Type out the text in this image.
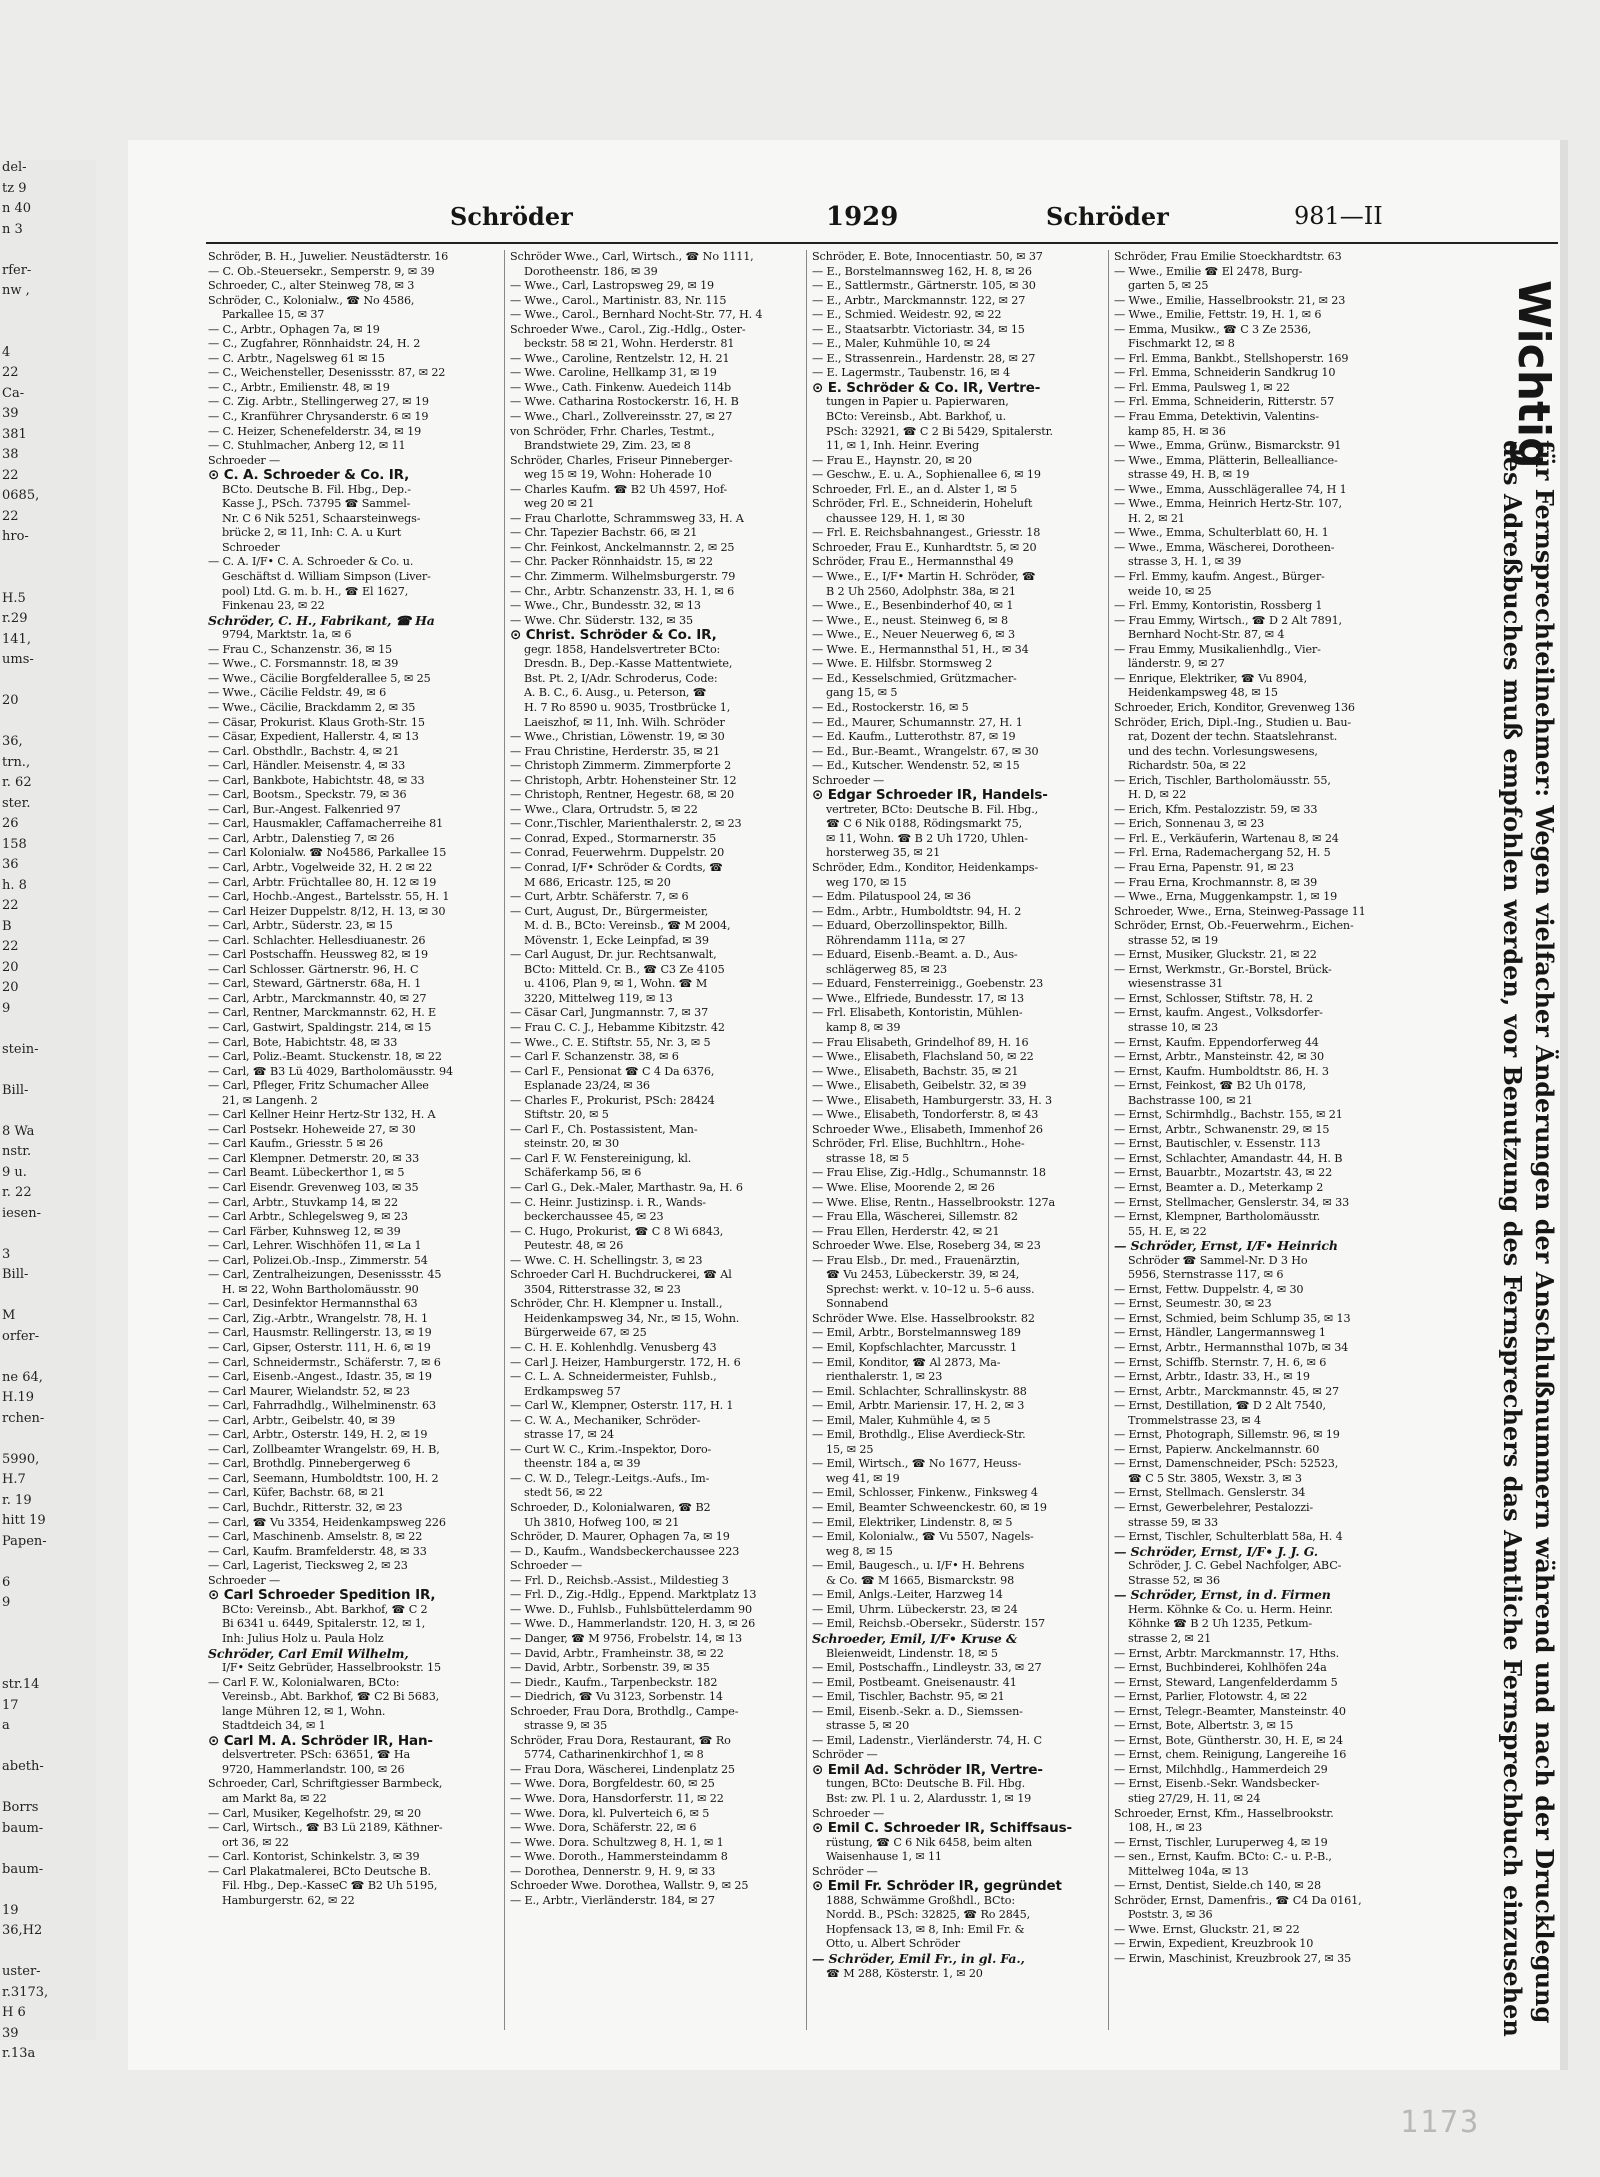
del-
tz 9
n 40
n 3
rfer-
nw ,
4
22
Ca-
39
381
38
22
0685,
22
hro-
H.5
r.29
141,
ums-
20
36,
trn.,
r. 62
ster.
26
158
36
h. 8
22
B
22
20
20
9
stein-
Bill-
8 Wa
nstr.
9 u.
r. 22
iesen-
3
Bill-
M
orfer-
ne 64,
H.19
rchen-
5990,
H.7
r. 19
hitt 19
Papen-
6
9
str.14
17
a
abeth-
Borrs
baum-
baum-
19
36,H2
uster-
r.3173,
H 6
39
r.13a
Schröder	1929	Schröder	981—II
Schröder, B. H., Juwelier. Neustädterstr. 16
— C. Ob.-Steuersekr., Semperstr. 9, ✉ 39
Schroeder, C., alter Steinweg 78, ✉ 3
Schröder, C., Kolonialw., ☎ No 4586,
Parkallee 15, ✉ 37
— C., Arbtr., Ophagen 7a, ✉ 19
— C., Zugfahrer, Rönnhaidstr. 24, H. 2
— C. Arbtr., Nagelsweg 61 ✉ 15
— C., Weichensteller, Desenissstr. 87, ✉ 22
— C., Arbtr., Emilienstr. 48, ✉ 19
— C. Zig. Arbtr., Stellingerweg 27, ✉ 19
— C., Kranführer Chrysanderstr. 6 ✉ 19
— C. Heizer, Schenefelderstr. 34, ✉ 19
— C. Stuhlmacher, Anberg 12, ✉ 11
Schroeder —
⊙ C. A. Schroeder & Co. IR,
BCto. Deutsche B. Fil. Hbg., Dep.-
Kasse J., PSch. 73795 ☎ Sammel-
Nr. C 6 Nik 5251, Schaarsteinwegs-
brücke 2, ✉ 11, Inh: C. A. u Kurt
Schroeder
— C. A. I/F• C. A. Schroeder & Co. u.
Geschäftst d. William Simpson (Liver-
pool) Ltd. G. m. b. H., ☎ El 1627,
Finkenau 23, ✉ 22
Schröder, C. H., Fabrikant, ☎ Ha
9794, Marktstr. 1a, ✉ 6
— Frau C., Schanzenstr. 36, ✉ 15
— Wwe., C. Forsmannstr. 18, ✉ 39
— Wwe., Cäcilie Borgfelderallee 5, ✉ 25
— Wwe., Cäcilie Feldstr. 49, ✉ 6
— Wwe., Cäcilie, Brackdamm 2, ✉ 35
— Cäsar, Prokurist. Klaus Groth-Str. 15
— Cäsar, Expedient, Hallerstr. 4, ✉ 13
— Carl. Obsthdlr., Bachstr. 4, ✉ 21
— Carl, Händler. Meisenstr. 4, ✉ 33
— Carl, Bankbote, Habichtstr. 48, ✉ 33
— Carl, Bootsm., Speckstr. 79, ✉ 36
— Carl, Bur.-Angest. Falkenried 97
— Carl, Hausmakler, Caffamacherreihe 81
— Carl, Arbtr., Dalenstieg 7, ✉ 26
— Carl Kolonialw. ☎ No4586, Parkallee 15
— Carl, Arbtr., Vogelweide 32, H. 2 ✉ 22
— Carl, Arbtr. Früchtallee 80, H. 12 ✉ 19
— Carl, Hochb.-Angest., Bartelsstr. 55, H. 1
— Carl Heizer Duppelstr. 8/12, H. 13, ✉ 30
— Carl, Arbtr., Süderstr. 23, ✉ 15
— Carl. Schlachter. Hellesdiuanestr. 26
— Carl Postschaffn. Heussweg 82, ✉ 19
— Carl Schlosser. Gärtnerstr. 96, H. C
— Carl, Steward, Gärtnerstr. 68a, H. 1
— Carl, Arbtr., Marckmannstr. 40, ✉ 27
— Carl, Rentner, Marckmannstr. 62, H. E
— Carl, Gastwirt, Spaldingstr. 214, ✉ 15
— Carl, Bote, Habichtstr. 48, ✉ 33
— Carl, Poliz.-Beamt. Stuckenstr. 18, ✉ 22
— Carl, ☎ B3 Lü 4029, Bartholomäusstr. 94
— Carl, Pfleger, Fritz Schumacher Allee
21, ✉ Langenh. 2
— Carl Kellner Heinr Hertz-Str 132, H. A
— Carl Postsekr. Hoheweide 27, ✉ 30
— Carl Kaufm., Griesstr. 5 ✉ 26
— Carl Klempner. Detmerstr. 20, ✉ 33
— Carl Beamt. Lübeckerthor 1, ✉ 5
— Carl Eisendr. Grevenweg 103, ✉ 35
— Carl, Arbtr., Stuvkamp 14, ✉ 22
— Carl Arbtr., Schlegelsweg 9, ✉ 23
— Carl Färber, Kuhnsweg 12, ✉ 39
— Carl, Lehrer. Wischhöfen 11, ✉ La 1
— Carl, Polizei.Ob.-Insp., Zimmerstr. 54
— Carl, Zentralheizungen, Desenissstr. 45
H. ✉ 22, Wohn Bartholomäusstr. 90
— Carl, Desinfektor Hermannsthal 63
— Carl, Zig.-Arbtr., Wrangelstr. 78, H. 1
— Carl, Hausmstr. Rellingerstr. 13, ✉ 19
— Carl, Gipser, Osterstr. 111, H. 6, ✉ 19
— Carl, Schneidermstr., Schäferstr. 7, ✉ 6
— Carl, Eisenb.-Angest., Idastr. 35, ✉ 19
— Carl Maurer, Wielandstr. 52, ✉ 23
— Carl, Fahrradhdlg., Wilhelminenstr. 63
— Carl, Arbtr., Geibelstr. 40, ✉ 39
— Carl, Arbtr., Osterstr. 149, H. 2, ✉ 19
— Carl, Zollbeamter Wrangelstr. 69, H. B,
— Carl, Brothdlg. Pinnebergerweg 6
— Carl, Seemann, Humboldtstr. 100, H. 2
— Carl, Küfer, Bachstr. 68, ✉ 21
— Carl, Buchdr., Ritterstr. 32, ✉ 23
— Carl, ☎ Vu 3354, Heidenkampsweg 226
— Carl, Maschinenb. Amselstr. 8, ✉ 22
— Carl, Kaufm. Bramfelderstr. 48, ✉ 33
— Carl, Lagerist, Tiecksweg 2, ✉ 23
Schroeder —
⊙ Carl Schroeder Spedition IR,
BCto: Vereinsb., Abt. Barkhof, ☎ C 2
Bi 6341 u. 6449, Spitalerstr. 12, ✉ 1,
Inh: Julius Holz u. Paula Holz
Schröder, Carl Emil Wilhelm,
I/F• Seitz Gebrüder, Hasselbrookstr. 15
— Carl F. W., Kolonialwaren, BCto:
Vereinsb., Abt. Barkhof, ☎ C2 Bi 5683,
lange Mühren 12, ✉ 1, Wohn.
Stadtdeich 34, ✉ 1
⊙ Carl M. A. Schröder IR, Han-
delsvertreter. PSch: 63651, ☎ Ha
9720, Hammerlandstr. 100, ✉ 26
Schroeder, Carl, Schriftgiesser Barmbeck,
am Markt 8a, ✉ 22
— Carl, Musiker, Kegelhofstr. 29, ✉ 20
— Carl, Wirtsch., ☎ B3 Lü 2189, Käthner-
ort 36, ✉ 22
— Carl. Kontorist, Schinkelstr. 3, ✉ 39
— Carl Plakatmalerei, BCto Deutsche B.
Fil. Hbg., Dep.-KasseC ☎ B2 Uh 5195,
Hamburgerstr. 62, ✉ 22
Schröder Wwe., Carl, Wirtsch., ☎ No 1111,
Dorotheenstr. 186, ✉ 39
— Wwe., Carl, Lastropsweg 29, ✉ 19
— Wwe., Carol., Martinistr. 83, Nr. 115
— Wwe., Carol., Bernhard Nocht-Str. 77, H. 4
Schroeder Wwe., Carol., Zig.-Hdlg., Oster-
beckstr. 58 ✉ 21, Wohn. Herderstr. 81
— Wwe., Caroline, Rentzelstr. 12, H. 21
— Wwe. Caroline, Hellkamp 31, ✉ 19
— Wwe., Cath. Finkenw. Auedeich 114b
— Wwe. Catharina Rostockerstr. 16, H. B
— Wwe., Charl., Zollvereinsstr. 27, ✉ 27
von Schröder, Frhr. Charles, Testmt.,
Brandstwiete 29, Zim. 23, ✉ 8
Schröder, Charles, Friseur Pinneberger-
weg 15 ✉ 19, Wohn: Hoherade 10
— Charles Kaufm. ☎ B2 Uh 4597, Hof-
weg 20 ✉ 21
— Frau Charlotte, Schrammsweg 33, H. A
— Chr. Tapezier Bachstr. 66, ✉ 21
— Chr. Feinkost, Anckelmannstr. 2, ✉ 25
— Chr. Packer Rönnhaidstr. 15, ✉ 22
— Chr. Zimmerm. Wilhelmsburgerstr. 79
— Chr., Arbtr. Schanzenstr. 33, H. 1, ✉ 6
— Wwe., Chr., Bundesstr. 32, ✉ 13
— Wwe. Chr. Süderstr. 132, ✉ 35
⊙ Christ. Schröder & Co. IR,
gegr. 1858, Handelsvertreter BCto:
Dresdn. B., Dep.-Kasse Mattentwiete,
Bst. Pt. 2, I/Adr. Schroderus, Code:
A. B. C., 6. Ausg., u. Peterson, ☎
H. 7 Ro 8590 u. 9035, Trostbrücke 1,
Laeiszhof, ✉ 11, Inh. Wilh. Schröder
— Wwe., Christian, Löwenstr. 19, ✉ 30
— Frau Christine, Herderstr. 35, ✉ 21
— Christoph Zimmerm. Zimmerpforte 2
— Christoph, Arbtr. Hohensteiner Str. 12
— Christoph, Rentner, Hegestr. 68, ✉ 20
— Wwe., Clara, Ortrudstr. 5, ✉ 22
— Conr.,Tischler, Marienthalerstr. 2, ✉ 23
— Conrad, Exped., Stormarnerstr. 35
— Conrad, Feuerwehrm. Duppelstr. 20
— Conrad, I/F• Schröder & Cordts, ☎
M 686, Ericastr. 125, ✉ 20
— Curt, Arbtr. Schäferstr. 7, ✉ 6
— Curt, August, Dr., Bürgermeister,
M. d. B., BCto: Vereinsb., ☎ M 2004,
Mövenstr. 1, Ecke Leinpfad, ✉ 39
— Carl August, Dr. jur. Rechtsanwalt,
BCto: Mitteld. Cr. B., ☎ C3 Ze 4105
u. 4106, Plan 9, ✉ 1, Wohn. ☎ M
3220, Mittelweg 119, ✉ 13
— Cäsar Carl, Jungmannstr. 7, ✉ 37
— Frau C. C. J., Hebamme Kibitzstr. 42
— Wwe., C. E. Stiftstr. 55, Nr. 3, ✉ 5
— Carl F. Schanzenstr. 38, ✉ 6
— Carl F., Pensionat ☎ C 4 Da 6376,
Esplanade 23/24, ✉ 36
— Charles F., Prokurist, PSch: 28424
Stiftstr. 20, ✉ 5
— Carl F., Ch. Postassistent, Man-
steinstr. 20, ✉ 30
— Carl F. W. Fenstereinigung, kl.
Schäferkamp 56, ✉ 6
— Carl G., Dek.-Maler, Marthastr. 9a, H. 6
— C. Heinr. Justizinsp. i. R., Wands-
beckerchaussee 45, ✉ 23
— C. Hugo, Prokurist, ☎ C 8 Wi 6843,
Peutestr. 48, ✉ 26
— Wwe. C. H. Schellingstr. 3, ✉ 23
Schroeder Carl H. Buchdruckerei, ☎ Al
3504, Ritterstrasse 32, ✉ 23
Schröder, Chr. H. Klempner u. Install.,
Heidenkampsweg 34, Nr., ✉ 15, Wohn.
Bürgerweide 67, ✉ 25
— C. H. E. Kohlenhdlg. Venusberg 43
— Carl J. Heizer, Hamburgerstr. 172, H. 6
— C. L. A. Schneidermeister, Fuhlsb.,
Erdkampsweg 57
— Carl W., Klempner, Osterstr. 117, H. 1
— C. W. A., Mechaniker, Schröder-
strasse 17, ✉ 24
— Curt W. C., Krim.-Inspektor, Doro-
theenstr. 184 a, ✉ 39
— C. W. D., Telegr.-Leitgs.-Aufs., Im-
stedt 56, ✉ 22
Schroeder, D., Kolonialwaren, ☎ B2
Uh 3810, Hofweg 100, ✉ 21
Schröder, D. Maurer, Ophagen 7a, ✉ 19
— D., Kaufm., Wandsbeckerchaussee 223
Schroeder —
— Frl. D., Reichsb.-Assist., Mildestieg 3
— Frl. D., Zig.-Hdlg., Eppend. Marktplatz 13
— Wwe. D., Fuhlsb., Fuhlsbüttelerdamm 90
— Wwe. D., Hammerlandstr. 120, H. 3, ✉ 26
— Danger, ☎ M 9756, Frobelstr. 14, ✉ 13
— David, Arbtr., Framheinstr. 38, ✉ 22
— David, Arbtr., Sorbenstr. 39, ✉ 35
— Diedr., Kaufm., Tarpenbeckstr. 182
— Diedrich, ☎ Vu 3123, Sorbenstr. 14
Schroeder, Frau Dora, Brothdlg., Campe-
strasse 9, ✉ 35
Schröder, Frau Dora, Restaurant, ☎ Ro
5774, Catharinenkirchhof 1, ✉ 8
— Frau Dora, Wäscherei, Lindenplatz 25
— Wwe. Dora, Borgfeldestr. 60, ✉ 25
— Wwe. Dora, Hansdorferstr. 11, ✉ 22
— Wwe. Dora, kl. Pulverteich 6, ✉ 5
— Wwe. Dora, Schäferstr. 22, ✉ 6
— Wwe. Dora. Schultzweg 8, H. 1, ✉ 1
— Wwe. Doroth., Hammersteindamm 8
— Dorothea, Dennerstr. 9, H. 9, ✉ 33
Schroeder Wwe. Dorothea, Wallstr. 9, ✉ 25
— E., Arbtr., Vierländerstr. 184, ✉ 27
Schröder, E. Bote, Innocentiastr. 50, ✉ 37
— E., Borstelmannsweg 162, H. 8, ✉ 26
— E., Sattlermstr., Gärtnerstr. 105, ✉ 30
— E., Arbtr., Marckmannstr. 122, ✉ 27
— E., Schmied. Weidestr. 92, ✉ 22
— E., Staatsarbtr. Victoriastr. 34, ✉ 15
— E., Maler, Kuhmühle 10, ✉ 24
— E., Strassenrein., Hardenstr. 28, ✉ 27
— E. Lagermstr., Taubenstr. 16, ✉ 4
⊙ E. Schröder & Co. IR, Vertre-
tungen in Papier u. Papierwaren,
BCto: Vereinsb., Abt. Barkhof, u.
PSch: 32921, ☎ C 2 Bi 5429, Spitalerstr.
11, ✉ 1, Inh. Heinr. Evering
— Frau E., Haynstr. 20, ✉ 20
— Geschw., E. u. A., Sophienallee 6, ✉ 19
Schroeder, Frl. E., an d. Alster 1, ✉ 5
Schröder, Frl. E., Schneiderin, Hoheluft
chaussee 129, H. 1, ✉ 30
— Frl. E. Reichsbahnangest., Griesstr. 18
Schroeder, Frau E., Kunhardtstr. 5, ✉ 20
Schröder, Frau E., Hermannsthal 49
— Wwe., E., I/F• Martin H. Schröder, ☎
B 2 Uh 2560, Adolphstr. 38a, ✉ 21
— Wwe., E., Besenbinderhof 40, ✉ 1
— Wwe., E., neust. Steinweg 6, ✉ 8
— Wwe., E., Neuer Neuerweg 6, ✉ 3
— Wwe. E., Hermannsthal 51, H., ✉ 34
— Wwe. E. Hilfsbr. Stormsweg 2
— Ed., Kesselschmied, Grützmacher-
gang 15, ✉ 5
— Ed., Rostockerstr. 16, ✉ 5
— Ed., Maurer, Schumannstr. 27, H. 1
— Ed. Kaufm., Lutterothstr. 87, ✉ 19
— Ed., Bur.-Beamt., Wrangelstr. 67, ✉ 30
— Ed., Kutscher. Wendenstr. 52, ✉ 15
Schroeder —
⊙ Edgar Schroeder IR, Handels-
vertreter, BCto: Deutsche B. Fil. Hbg.,
☎ C 6 Nik 0188, Rödingsmarkt 75,
✉ 11, Wohn. ☎ B 2 Uh 1720, Uhlen-
horsterweg 35, ✉ 21
Schröder, Edm., Konditor, Heidenkamps-
weg 170, ✉ 15
— Edm. Pilatuspool 24, ✉ 36
— Edm., Arbtr., Humboldtstr. 94, H. 2
— Eduard, Oberzollinspektor, Billh.
Röhrendamm 111a, ✉ 27
— Eduard, Eisenb.-Beamt. a. D., Aus-
schlägerweg 85, ✉ 23
— Eduard, Fensterreinigg., Goebenstr. 23
— Wwe., Elfriede, Bundesstr. 17, ✉ 13
— Frl. Elisabeth, Kontoristin, Mühlen-
kamp 8, ✉ 39
— Frau Elisabeth, Grindelhof 89, H. 16
— Wwe., Elisabeth, Flachsland 50, ✉ 22
— Wwe., Elisabeth, Bachstr. 35, ✉ 21
— Wwe., Elisabeth, Geibelstr. 32, ✉ 39
— Wwe., Elisabeth, Hamburgerstr. 33, H. 3
— Wwe., Elisabeth, Tondorferstr. 8, ✉ 43
Schroeder Wwe., Elisabeth, Immenhof 26
Schröder, Frl. Elise, Buchhltrn., Hohe-
strasse 18, ✉ 5
— Frau Elise, Zig.-Hdlg., Schumannstr. 18
— Wwe. Elise, Moorende 2, ✉ 26
— Wwe. Elise, Rentn., Hasselbrookstr. 127a
— Frau Ella, Wäscherei, Sillemstr. 82
— Frau Ellen, Herderstr. 42, ✉ 21
Schroeder Wwe. Else, Roseberg 34, ✉ 23
— Frau Elsb., Dr. med., Frauenärztin,
☎ Vu 2453, Lübeckerstr. 39, ✉ 24,
Sprechst: werkt. v. 10–12 u. 5–6 auss.
Sonnabend
Schröder Wwe. Else. Hasselbrookstr. 82
— Emil, Arbtr., Borstelmannsweg 189
— Emil, Kopfschlachter, Marcusstr. 1
— Emil, Konditor, ☎ Al 2873, Ma-
rienthalerstr. 1, ✉ 23
— Emil. Schlachter, Schrallinskystr. 88
— Emil, Arbtr. Mariensir. 17, H. 2, ✉ 3
— Emil, Maler, Kuhmühle 4, ✉ 5
— Emil, Brothdlg., Elise Averdieck-Str.
15, ✉ 25
— Emil, Wirtsch., ☎ No 1677, Heuss-
weg 41, ✉ 19
— Emil, Schlosser, Finkenw., Finksweg 4
— Emil, Beamter Schweenckestr. 60, ✉ 19
— Emil, Elektriker, Lindenstr. 8, ✉ 5
— Emil, Kolonialw., ☎ Vu 5507, Nagels-
weg 8, ✉ 15
— Emil, Baugesch., u. I/F• H. Behrens
& Co. ☎ M 1665, Bismarckstr. 98
— Emil, Anlgs.-Leiter, Harzweg 14
— Emil, Uhrm. Lübeckerstr. 23, ✉ 24
— Emil, Reichsb.-Obersekr., Süderstr. 157
Schroeder, Emil, I/F• Kruse &
Bleienweidt, Lindenstr. 18, ✉ 5
— Emil, Postschaffn., Lindleystr. 33, ✉ 27
— Emil, Postbeamt. Gneisenaustr. 41
— Emil, Tischler, Bachstr. 95, ✉ 21
— Emil, Eisenb.-Sekr. a. D., Siemssen-
strasse 5, ✉ 20
— Emil, Ladenstr., Vierländerstr. 74, H. C
Schröder —
⊙ Emil Ad. Schröder IR, Vertre-
tungen, BCto: Deutsche B. Fil. Hbg.
Bst: zw. Pl. 1 u. 2, Alardusstr. 1, ✉ 19
Schroeder —
⊙ Emil C. Schroeder IR, Schiffsaus-
rüstung, ☎ C 6 Nik 6458, beim alten
Waisenhause 1, ✉ 11
Schröder —
⊙ Emil Fr. Schröder IR, gegründet
1888, Schwämme Großhdl., BCto:
Nordd. B., PSch: 32825, ☎ Ro 2845,
Hopfensack 13, ✉ 8, Inh: Emil Fr. &
Otto, u. Albert Schröder
— Schröder, Emil Fr., in gl. Fa.,
☎ M 288, Kösterstr. 1, ✉ 20
Schröder, Frau Emilie Stoeckhardtstr. 63
— Wwe., Emilie ☎ El 2478, Burg-
garten 5, ✉ 25
— Wwe., Emilie, Hasselbrookstr. 21, ✉ 23
— Wwe., Emilie, Fettstr. 19, H. 1, ✉ 6
— Emma, Musikw., ☎ C 3 Ze 2536,
Fischmarkt 12, ✉ 8
— Frl. Emma, Bankbt., Stellshoperstr. 169
— Frl. Emma, Schneiderin Sandkrug 10
— Frl. Emma, Paulsweg 1, ✉ 22
— Frl. Emma, Schneiderin, Ritterstr. 57
— Frau Emma, Detektivin, Valentins-
kamp 85, H. ✉ 36
— Wwe., Emma, Grünw., Bismarckstr. 91
— Wwe., Emma, Plätterin, Bellealliance-
strasse 49, H. B, ✉ 19
— Wwe., Emma, Ausschlägerallee 74, H 1
— Wwe., Emma, Heinrich Hertz-Str. 107,
H. 2, ✉ 21
— Wwe., Emma, Schulterblatt 60, H. 1
— Wwe., Emma, Wäscherei, Dorotheen-
strasse 3, H. 1, ✉ 39
— Frl. Emmy, kaufm. Angest., Bürger-
weide 10, ✉ 25
— Frl. Emmy, Kontoristin, Rossberg 1
— Frau Emmy, Wirtsch., ☎ D 2 Alt 7891,
Bernhard Nocht-Str. 87, ✉ 4
— Frau Emmy, Musikalienhdlg., Vier-
länderstr. 9, ✉ 27
— Enrique, Elektriker, ☎ Vu 8904,
Heidenkampsweg 48, ✉ 15
Schroeder, Erich, Konditor, Grevenweg 136
Schröder, Erich, Dipl.-Ing., Studien u. Bau-
rat, Dozent der techn. Staatslehranst.
und des techn. Vorlesungswesens,
Richardstr. 50a, ✉ 22
— Erich, Tischler, Bartholomäusstr. 55,
H. D, ✉ 22
— Erich, Kfm. Pestalozzistr. 59, ✉ 33
— Erich, Sonnenau 3, ✉ 23
— Frl. E., Verkäuferin, Wartenau 8, ✉ 24
— Frl. Erna, Rademachergang 52, H. 5
— Frau Erna, Papenstr. 91, ✉ 23
— Frau Erna, Krochmannstr. 8, ✉ 39
— Wwe., Erna, Muggenkampstr. 1, ✉ 19
Schroeder, Wwe., Erna, Steinweg-Passage 11
Schröder, Ernst, Ob.-Feuerwehrm., Eichen-
strasse 52, ✉ 19
— Ernst, Musiker, Gluckstr. 21, ✉ 22
— Ernst, Werkmstr., Gr.-Borstel, Brück-
wiesenstrasse 31
— Ernst, Schlosser, Stiftstr. 78, H. 2
— Ernst, kaufm. Angest., Volksdorfer-
strasse 10, ✉ 23
— Ernst, Kaufm. Eppendorferweg 44
— Ernst, Arbtr., Mansteinstr. 42, ✉ 30
— Ernst, Kaufm. Humboldtstr. 86, H. 3
— Ernst, Feinkost, ☎ B2 Uh 0178,
Bachstrasse 100, ✉ 21
— Ernst, Schirmhdlg., Bachstr. 155, ✉ 21
— Ernst, Arbtr., Schwanenstr. 29, ✉ 15
— Ernst, Bautischler, v. Essenstr. 113
— Ernst, Schlachter, Amandastr. 44, H. B
— Ernst, Bauarbtr., Mozartstr. 43, ✉ 22
— Ernst, Beamter a. D., Meterkamp 2
— Ernst, Stellmacher, Genslerstr. 34, ✉ 33
— Ernst, Klempner, Bartholomäusstr.
55, H. E, ✉ 22
— Schröder, Ernst, I/F• Heinrich
Schröder ☎ Sammel-Nr. D 3 Ho
5956, Sternstrasse 117, ✉ 6
— Ernst, Fettw. Duppelstr. 4, ✉ 30
— Ernst, Seumestr. 30, ✉ 23
— Ernst, Schmied, beim Schlump 35, ✉ 13
— Ernst, Händler, Langermannsweg 1
— Ernst, Arbtr., Hermannsthal 107b, ✉ 34
— Ernst, Schiffb. Sternstr. 7, H. 6, ✉ 6
— Ernst, Arbtr., Idastr. 33, H., ✉ 19
— Ernst, Arbtr., Marckmannstr. 45, ✉ 27
— Ernst, Destillation, ☎ D 2 Alt 7540,
Trommelstrasse 23, ✉ 4
— Ernst, Photograph, Sillemstr. 96, ✉ 19
— Ernst, Papierw. Anckelmannstr. 60
— Ernst, Damenschneider, PSch: 52523,
☎ C 5 Str. 3805, Wexstr. 3, ✉ 3
— Ernst, Stellmach. Genslerstr. 34
— Ernst, Gewerbelehrer, Pestalozzi-
strasse 59, ✉ 33
— Ernst, Tischler, Schulterblatt 58a, H. 4
— Schröder, Ernst, I/F• J. J. G.
Schröder, J. C. Gebel Nachfolger, ABC-
Strasse 52, ✉ 36
— Schröder, Ernst, in d. Firmen
Herm. Köhnke & Co. u. Herm. Heinr.
Köhnke ☎ B 2 Uh 1235, Petkum-
strasse 2, ✉ 21
— Ernst, Arbtr. Marckmannstr. 17, Hths.
— Ernst, Buchbinderei, Kohlhöfen 24a
— Ernst, Steward, Langenfelderdamm 5
— Ernst, Parlier, Flotowstr. 4, ✉ 22
— Ernst, Telegr.-Beamter, Mansteinstr. 40
— Ernst, Bote, Albertstr. 3, ✉ 15
— Ernst, Bote, Güntherstr. 30, H. E, ✉ 24
— Ernst, chem. Reinigung, Langereihe 16
— Ernst, Milchhdlg., Hammerdeich 29
— Ernst, Eisenb.-Sekr. Wandsbecker-
stieg 27/29, H. 11, ✉ 24
Schroeder, Ernst, Kfm., Hasselbrookstr.
108, H., ✉ 23
— Ernst, Tischler, Luruperweg 4, ✉ 19
— sen., Ernst, Kaufm. BCto: C.- u. P.-B.,
Mittelweg 104a, ✉ 13
— Ernst, Dentist, Sielde.ch 140, ✉ 28
Schröder, Ernst, Damenfris., ☎ C4 Da 0161,
Poststr. 3, ✉ 36
— Wwe. Ernst, Gluckstr. 21, ✉ 22
— Erwin, Expedient, Kreuzbrook 10
— Erwin, Maschinist, Kreuzbrook 27, ✉ 35
Wichtig
für Fernsprechteilnehmer: Wegen vielfacher Änderungen der Anschlußnummern während und nach der Drucklegung
des Adreßbuches muß empfohlen werden, vor Benutzung des Fernsprechers das Amtliche Fernsprechbuch einzusehen
1173
